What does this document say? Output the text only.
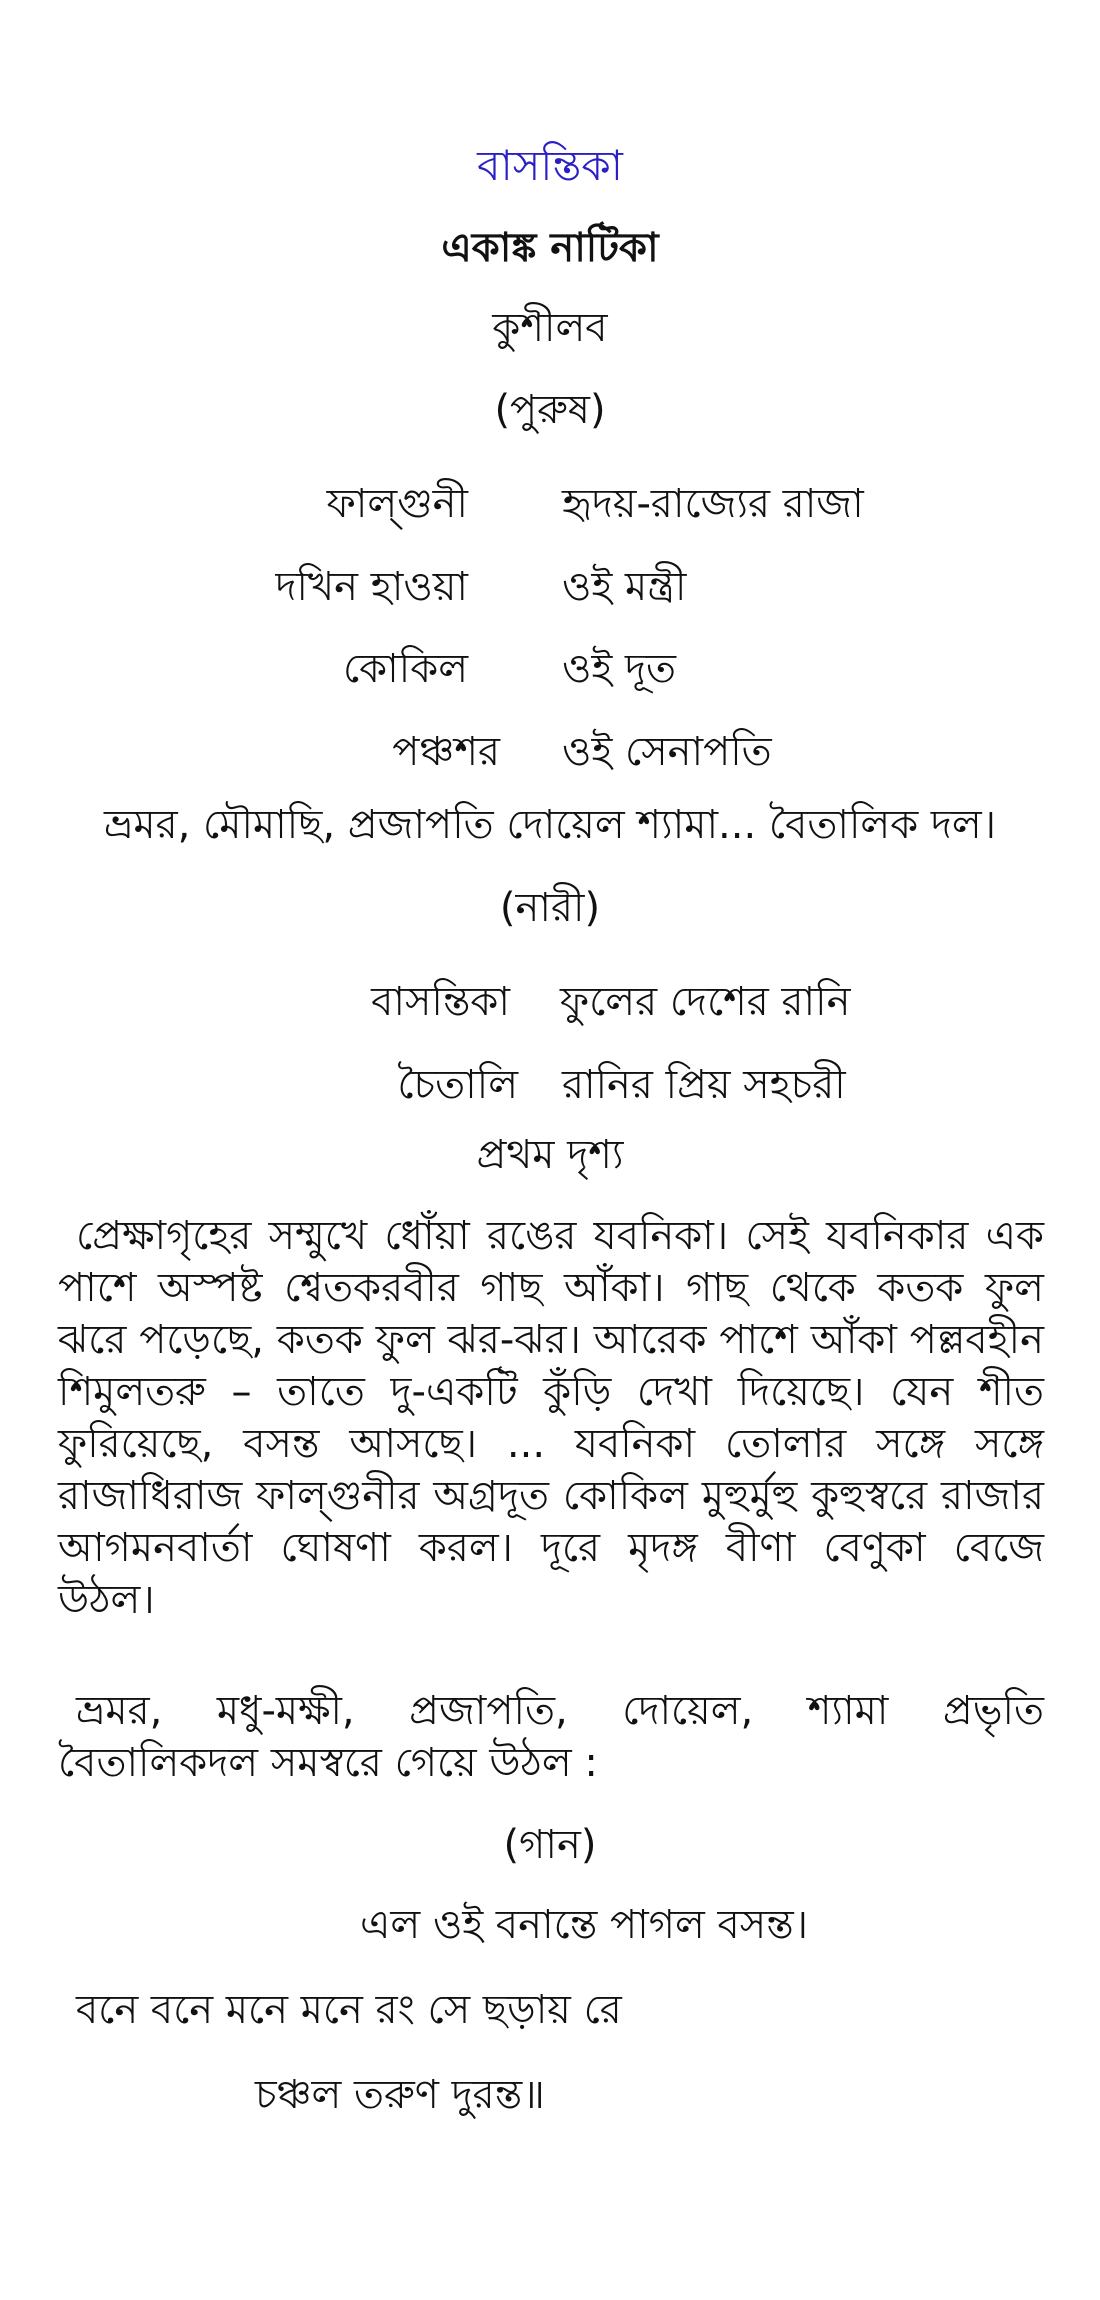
বাসন্তিকা
একাঙ্ক নাটিকা
কুশীলব
(পুরুষ)
ফাল্গুনী হৃদয়-রাজ্যের রাজা
দখিন হাওয়া ওই মন্ত্রী
কোকিল ওই দূত
পঞ্চশর ওই সেনাপতি
ভ্রমর, মৌমাছি, প্রজাপতি দোয়েল শ্যামা... বৈতালিক দল।
(নারী)
বাসন্তিকা ফুলের দেশের রানি
চৈতালি রানির প্রিয় সহচরী
প্রথম দৃশ্য
প্রেক্ষাগৃহের সম্মুখে ধোঁয়া রঙের যবনিকা। সেই যবনিকার এক পাশে অস্পষ্ট শ্বেতকরবীর গাছ আঁকা। গাছ থেকে কতক ফুল ঝরে পড়েছে, কতক ফুল ঝর-ঝর। আরেক পাশে আঁকা পল্লবহীন শিমুলতরু – তাতে দু-একটি কুঁড়ি দেখা দিয়েছে। যেন শীত ফুরিয়েছে, বসন্ত আসছে। ... যবনিকা তোলার সঙ্গে সঙ্গে রাজাধিরাজ ফাল্গুনীর অগ্রদূত কোকিল মুহুর্মুহু কুহুস্বরে রাজার আগমনবার্তা ঘোষণা করল। দূরে মৃদঙ্গ বীণা বেণুকা বেজে উঠল।
ভ্রমর, মধু-মক্ষী, প্রজাপতি, দোয়েল, শ্যামা প্রভৃতি বৈতালিকদল সমস্বরে গেয়ে উঠল :
(গান)
এল ওই বনান্তে পাগল বসন্ত।
বনে বনে মনে মনে রং সে ছড়ায় রে
চঞ্চল তরুণ দুরন্ত॥
